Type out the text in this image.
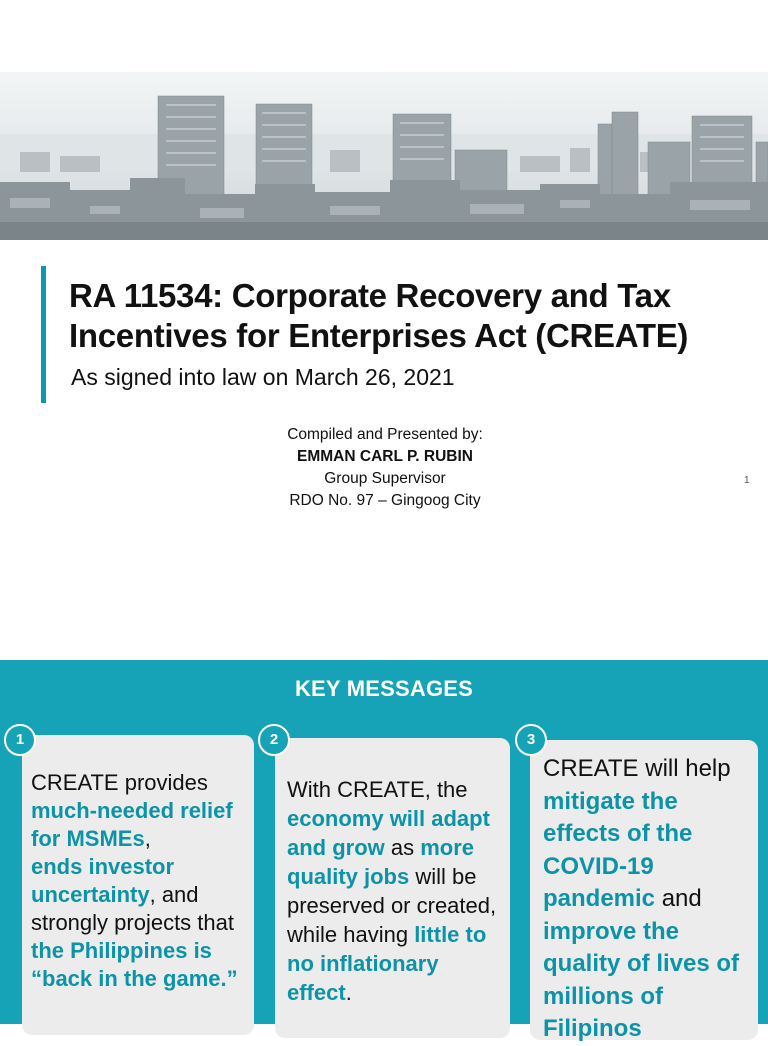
RA 11534: Corporate Recovery and Tax
Incentives for Enterprises Act (CREATE)
As signed into law on March 26, 2021
Compiled and Presented by:
EMMAN CARL P. RUBIN
Group Supervisor
RDO No. 97 – Gingoog City
1
KEY MESSAGES
CREATE provides much-needed relief for MSMEs,
ends investor uncertainty, and strongly projects that the Philippines is “back in the game.”
With CREATE, the economy will adapt and grow as more quality jobs will be preserved or created, while having little to no inflationary effect.
CREATE will help mitigate the effects of the COVID-19 pandemic and improve the quality of lives of millions of Filipinos
1	2	3
